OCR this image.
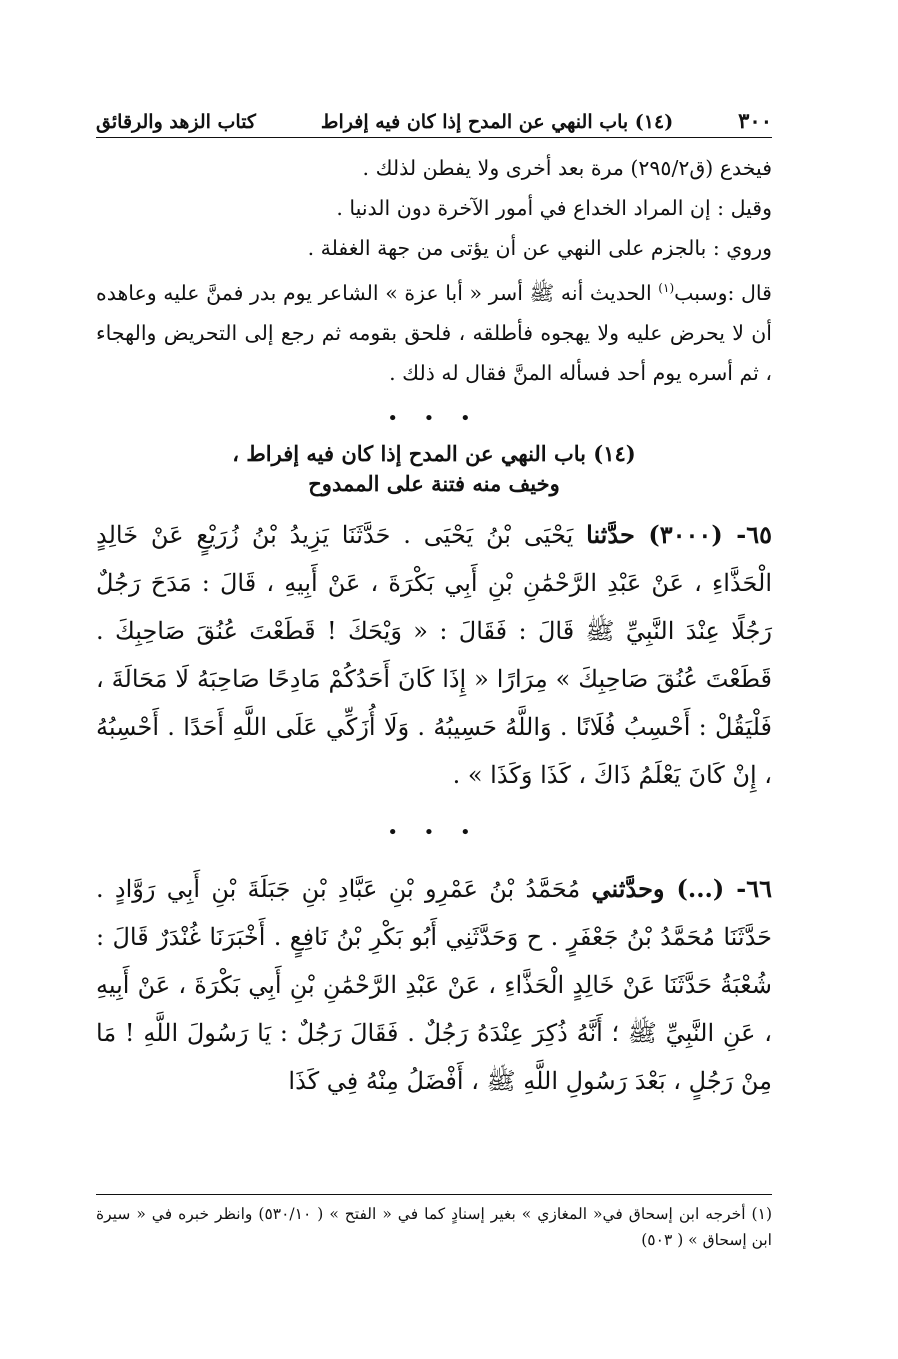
٣٠٠
(١٤) باب النهي عن المدح إذا كان فيه إفراط
كتاب الزهد والرقائق

فيخدع (ق٢٩٥/٢) مرة بعد أخرى ولا يفطن لذلك .

وقيل : إن المراد الخداع في أمور الآخرة دون الدنيا .

وروي : بالجزم على النهي عن أن يؤتى من جهة الغفلة .

قال :وسبب$^{(١)}$ الحديث أنه ﷺ أسر « أبا عزة » الشاعر يوم بدر فمنَّ عليه وعاهده أن لا يحرض عليه ولا يهجوه فأطلقه ، فلحق بقومه ثم رجع إلى التحريض والهجاء ، ثم أسره يوم أحد فسأله المنَّ فقال له ذلك .

• • •
(١٤) باب النهي عن المدح إذا كان فيه إفراط ،
وخيف منه فتنة على الممدوح

٦٥- (٣٠٠٠) حدَّثنا يَحْيَى بْنُ يَحْيَى . حَدَّثَنَا يَزِيدُ بْنُ زُرَيْعٍ عَنْ خَالِدٍ الْحَذَّاءِ ، عَنْ عَبْدِ الرَّحْمَٰنِ بْنِ أَبِي بَكْرَةَ ، عَنْ أَبِيهِ ، قَالَ : مَدَحَ رَجُلٌ رَجُلًا عِنْدَ النَّبِيِّ ﷺ قَالَ : فَقَالَ : « وَيْحَكَ ! قَطَعْتَ عُنُقَ صَاحِبِكَ . قَطَعْتَ عُنُقَ صَاحِبِكَ » مِرَارًا « إِذَا كَانَ أَحَدُكُمْ مَادِحًا صَاحِبَهُ لَا مَحَالَةَ ، فَلْيَقُلْ : أَحْسِبُ فُلَانًا . وَاللَّهُ حَسِيبُهُ . وَلَا أُزَكِّي عَلَى اللَّهِ أَحَدًا . أَحْسِبُهُ ، إِنْ كَانَ يَعْلَمُ ذَاكَ ، كَذَا وَكَذَا » .

• • •

٦٦- (...) وحدَّثني مُحَمَّدُ بْنُ عَمْرِو بْنِ عَبَّادِ بْنِ جَبَلَةَ بْنِ أَبِي رَوَّادٍ . حَدَّثَنَا مُحَمَّدُ بْنُ جَعْفَرٍ . ح وَحَدَّثَنِي أَبُو بَكْرِ بْنُ نَافِعٍ . أَخْبَرَنَا غُنْدَرٌ قَالَ : شُعْبَةُ حَدَّثَنَا عَنْ خَالِدٍ الْحَذَّاءِ ، عَنْ عَبْدِ الرَّحْمَٰنِ بْنِ أَبِي بَكْرَةَ ، عَنْ أَبِيهِ ، عَنِ النَّبِيِّ ﷺ ؛ أَنَّهُ ذُكِرَ عِنْدَهُ رَجُلٌ . فَقَالَ رَجُلٌ : يَا رَسُولَ اللَّهِ ! مَا مِنْ رَجُلٍ ، بَعْدَ رَسُولِ اللَّهِ ﷺ ، أَفْضَلُ مِنْهُ فِي كَذَا

(١) أخرجه ابن إسحاق في« المغازي » بغير إسنادٍ كما في « الفتح » ( ٥٣٠/١٠) وانظر خبره في « سيرة ابن إسحاق » ( ٥٠٣)
